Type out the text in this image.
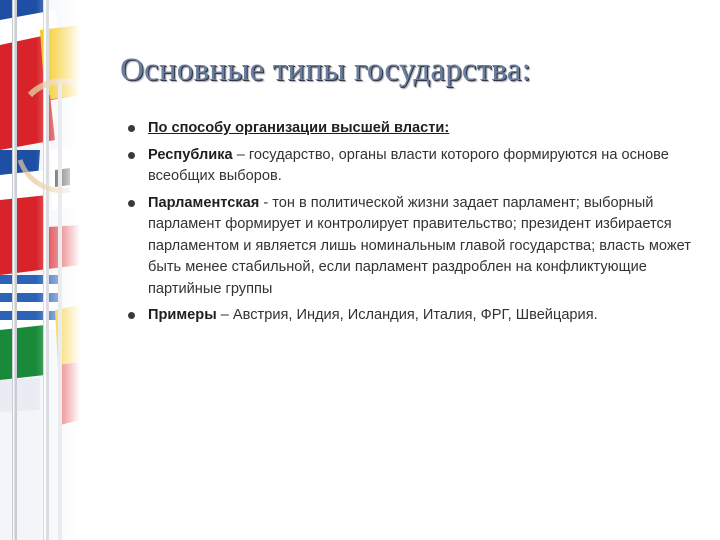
Основные типы государства:
По способу организации высшей власти:
Республика – государство, органы власти которого формируются на основе всеобщих выборов.
Парламентская - тон в политической жизни задает парламент; выборный парламент формирует и контролирует правительство; президент избирается парламентом и является лишь номинальным главой государства; власть может быть менее стабильной, если парламент раздроблен на конфликтующие партийные группы
Примеры – Австрия, Индия, Исландия, Италия, ФРГ, Швейцария.
